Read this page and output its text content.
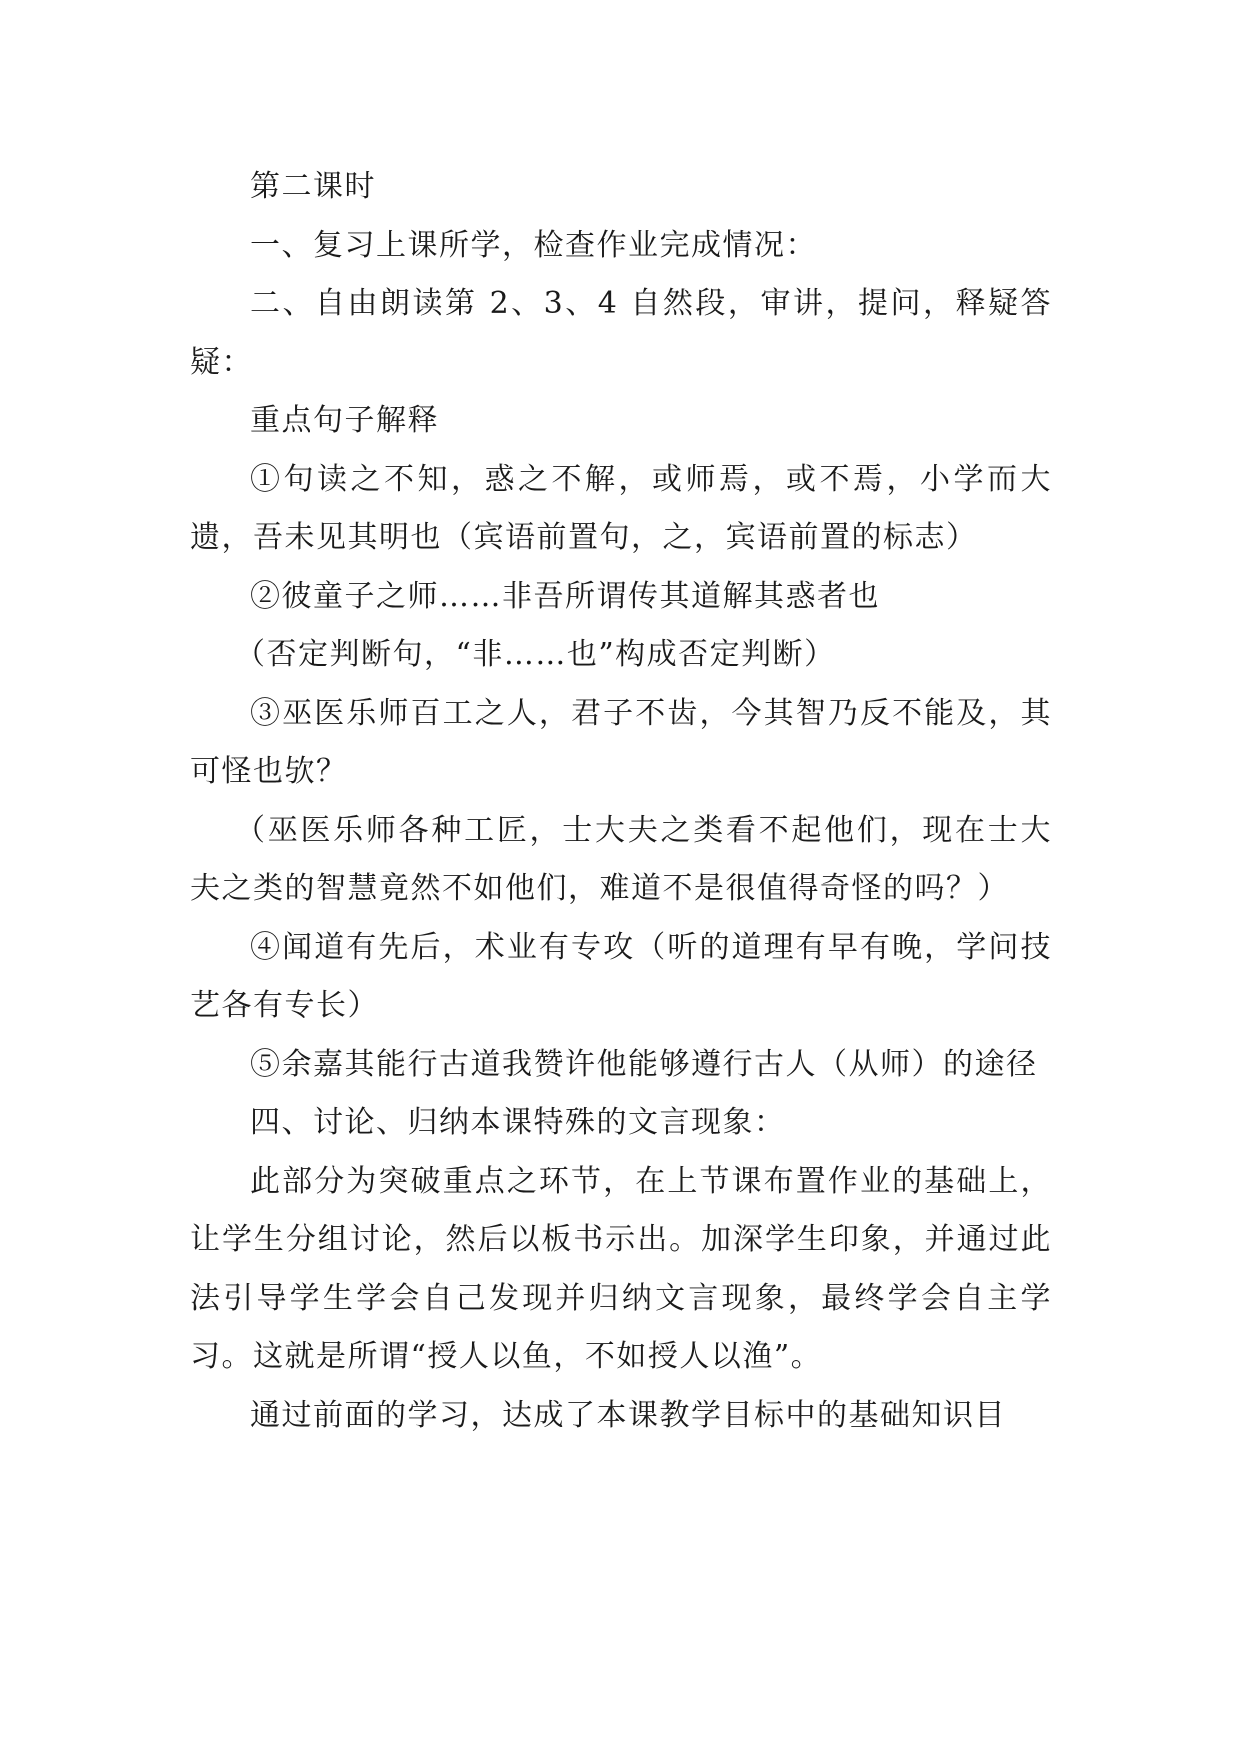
第二课时

一、复习上课所学，检查作业完成情况：

二、自由朗读第 2、3、4 自然段，审讲，提问，释疑答疑：

重点句子解释

①句读之不知，惑之不解，或师焉，或不焉，小学而大遗，吾未见其明也（宾语前置句，之，宾语前置的标志）

②彼童子之师……非吾所谓传其道解其惑者也

（否定判断句，“非……也”构成否定判断）

③巫医乐师百工之人，君子不齿，今其智乃反不能及，其可怪也欤？

（巫医乐师各种工匠，士大夫之类看不起他们，现在士大夫之类的智慧竟然不如他们，难道不是很值得奇怪的吗？）

④闻道有先后，术业有专攻（听的道理有早有晚，学问技艺各有专长）

⑤余嘉其能行古道我赞许他能够遵行古人（从师）的途径

四、讨论、归纳本课特殊的文言现象：

此部分为突破重点之环节，在上节课布置作业的基础上，让学生分组讨论，然后以板书示出。加深学生印象，并通过此法引导学生学会自己发现并归纳文言现象，最终学会自主学习。这就是所谓“授人以鱼，不如授人以渔”。

通过前面的学习，达成了本课教学目标中的基础知识目
